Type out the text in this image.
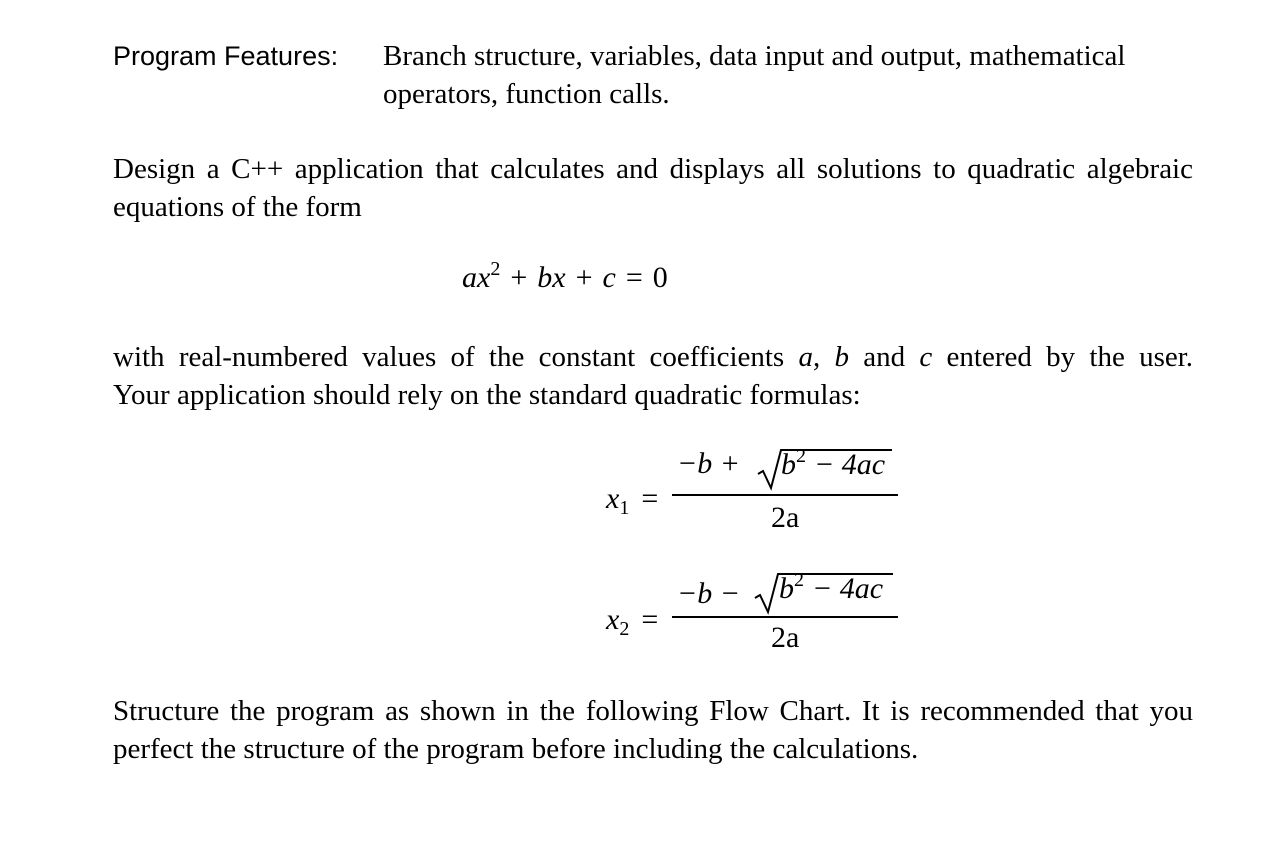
Program Features: Branch structure, variables, data input and output, mathematical
operators, function calls.
Design a C++ application that calculates and displays all solutions to quadratic algebraic
equations of the form
$ax^2$ + bx + c = 0
with real-numbered values of the constant coefficients a, b and c entered by the user.
Your application should rely on the standard quadratic formulas:
$x_1$ =
$-b + b^2 - 4ac$
2a
$x_2$ =
$-b - b^2 - 4ac$
2a
Structure the program as shown in the following Flow Chart. It is recommended that you
perfect the structure of the program before including the calculations.
